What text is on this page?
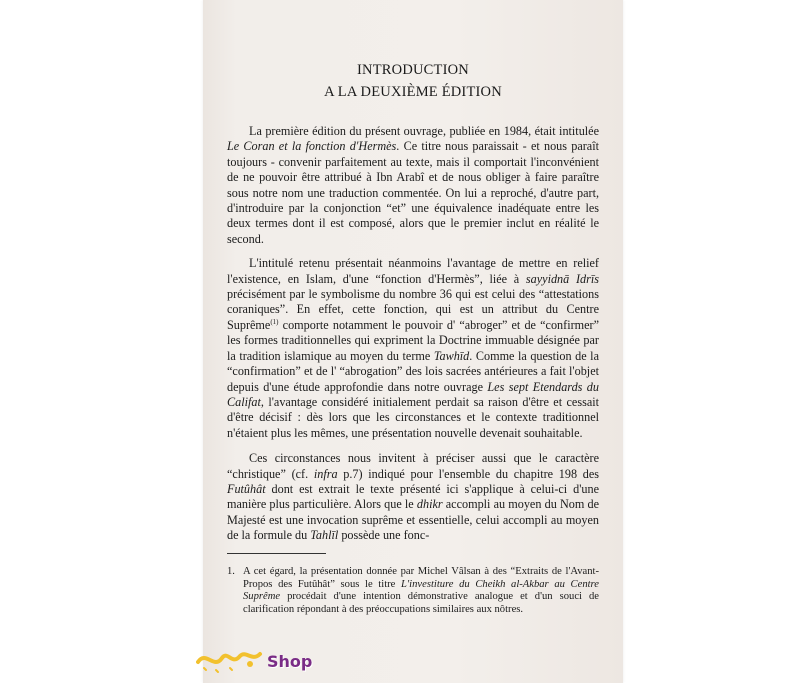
INTRODUCTION
A LA DEUXIÈME ÉDITION

La première édition du présent ouvrage, publiée en 1984, était intitulée Le Coran et la fonction d'Hermès. Ce titre nous paraissait - et nous paraît toujours - convenir parfaitement au texte, mais il comportait l'inconvénient de ne pouvoir être attribué à Ibn Arabî et de nous obliger à faire paraître sous notre nom une traduction commentée. On lui a reproché, d'autre part, d'introduire par la conjonction “et” une équivalence inadéquate entre les deux termes dont il est composé, alors que le premier inclut en réalité le second.

L'intitulé retenu présentait néanmoins l'avantage de mettre en relief l'existence, en Islam, d'une “fonction d'Hermès”, liée à sayyidnā Idrīs précisément par le symbolisme du nombre 36 qui est celui des “attestations coraniques”. En effet, cette fonction, qui est un attribut du Centre Suprême$^{(1)}$ comporte notamment le pouvoir d' “abroger” et de “confirmer” les formes traditionnelles qui expriment la Doctrine immuable désignée par la tradition islamique au moyen du terme Tawhīd. Comme la question de la “confirmation” et de l' “abrogation” des lois sacrées antérieures a fait l'objet depuis d'une étude approfondie dans notre ouvrage Les sept Etendards du Califat, l'avantage considéré initialement perdait sa raison d'être et cessait d'être décisif : dès lors que les circonstances et le contexte traditionnel n'étaient plus les mêmes, une présentation nouvelle devenait souhaitable.

Ces circonstances nous invitent à préciser aussi que le caractère “christique” (cf. infra p.7) indiqué pour l'ensemble du chapitre 198 des Futûhât dont est extrait le texte présenté ici s'applique à celui-ci d'une manière plus particulière. Alors que le dhikr accompli au moyen du Nom de Majesté est une invocation suprême et essentielle, celui accompli au moyen de la formule du Tahlīl possède une fonc-

1. A cet égard, la présentation donnée par Michel Vâlsan à des “Extraits de l'Avant-Propos des Futûhât” sous le titre L'investiture du Cheikh al-Akbar au Centre Suprême procédait d'une intention démonstrative analogue et d'un souci de clarification répondant à des préoccupations similaires aux nôtres.
Shop
